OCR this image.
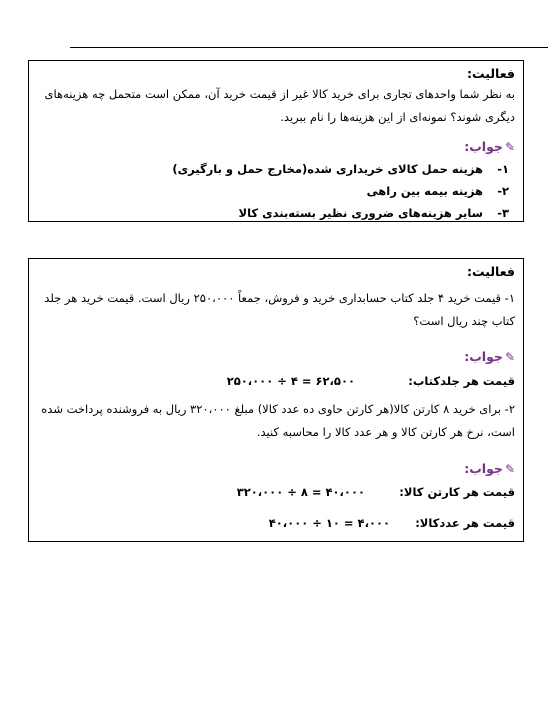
فعالیت:
به نظر شما واحدهای تجاری برای خرید کالا غیر از قیمت خرید آن، ممکن است متحمل چه هزینه‌های دیگری شوند؟ نمونه‌ای از این هزینه‌ها را نام ببرید.
✎جواب:
۱-هزینه حمل کالای خریداری شده(مخارج حمل و بارگیری)
۲-هزینه بیمه بین راهی
۳-سایر هزینه‌های ضروری نظیر بسته‌بندی کالا
فعالیت:
۱- قیمت خرید ۴ جلد کتاب حسابداری خرید و فروش، جمعاً ۲۵۰،۰۰۰ ریال است. قیمت خرید هر جلد کتاب چند ریال است؟
✎جواب:
قیمت هر جلدکتاب:
۲۵۰،۰۰۰ ÷ ۴ = ۶۲،۵۰۰
۲- برای خرید ۸ کارتن کالا(هر کارتن حاوی ده عدد کالا) مبلغ ۳۲۰،۰۰۰ ریال به فروشنده پرداخت شده است، نرخ هر کارتن کالا و هر عدد کالا را محاسبه کنید.
✎جواب:
قیمت هر کارتن کالا:
۳۲۰،۰۰۰ ÷ ۸ = ۴۰،۰۰۰
قیمت هر عددکالا:
۴۰،۰۰۰ ÷ ۱۰ = ۴،۰۰۰
